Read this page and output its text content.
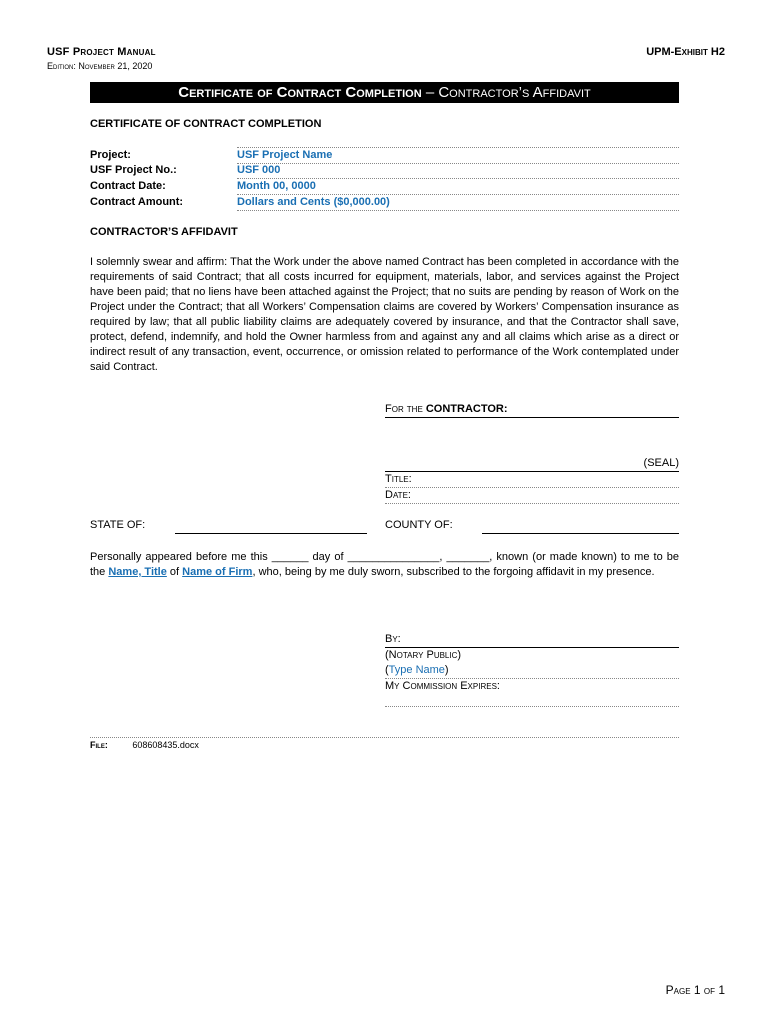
USF Project Manual
Edition: November 21, 2020
UPM-Exhibit H2
Certificate of Contract Completion – Contractor’s Affidavit
CERTIFICATE OF CONTRACT COMPLETION
Project:	USF Project Name
USF Project No.:	USF 000
Contract Date:	Month 00, 0000
Contract Amount:	Dollars and Cents ($0,000.00)
CONTRACTOR’S AFFIDAVIT
I solemnly swear and affirm: That the Work under the above named Contract has been completed in accordance with the requirements of said Contract; that all costs incurred for equipment, materials, labor, and services against the Project have been paid; that no liens have been attached against the Project; that no suits are pending by reason of Work on the Project under the Contract; that all Workers’ Compensation claims are covered by Workers’ Compensation insurance as required by law; that all public liability claims are adequately covered by insurance, and that the Contractor shall save, protect, defend, indemnify, and hold the Owner harmless from and against any and all claims which arise as a direct or indirect result of any transaction, event, occurrence, or omission related to performance of the Work contemplated under said Contract.
For the CONTRACTOR:
(SEAL)
Title:
Date:
STATE OF:	COUNTY OF:
Personally appeared before me this ______ day of _______________, _______, known (or made known) to me to be the Name, Title of Name of Firm, who, being by me duly sworn, subscribed to the forgoing affidavit in my presence.
By:
(Notary Public)
(Type Name)
My Commission Expires:
File:	608608435.docx
Page 1 of 1
